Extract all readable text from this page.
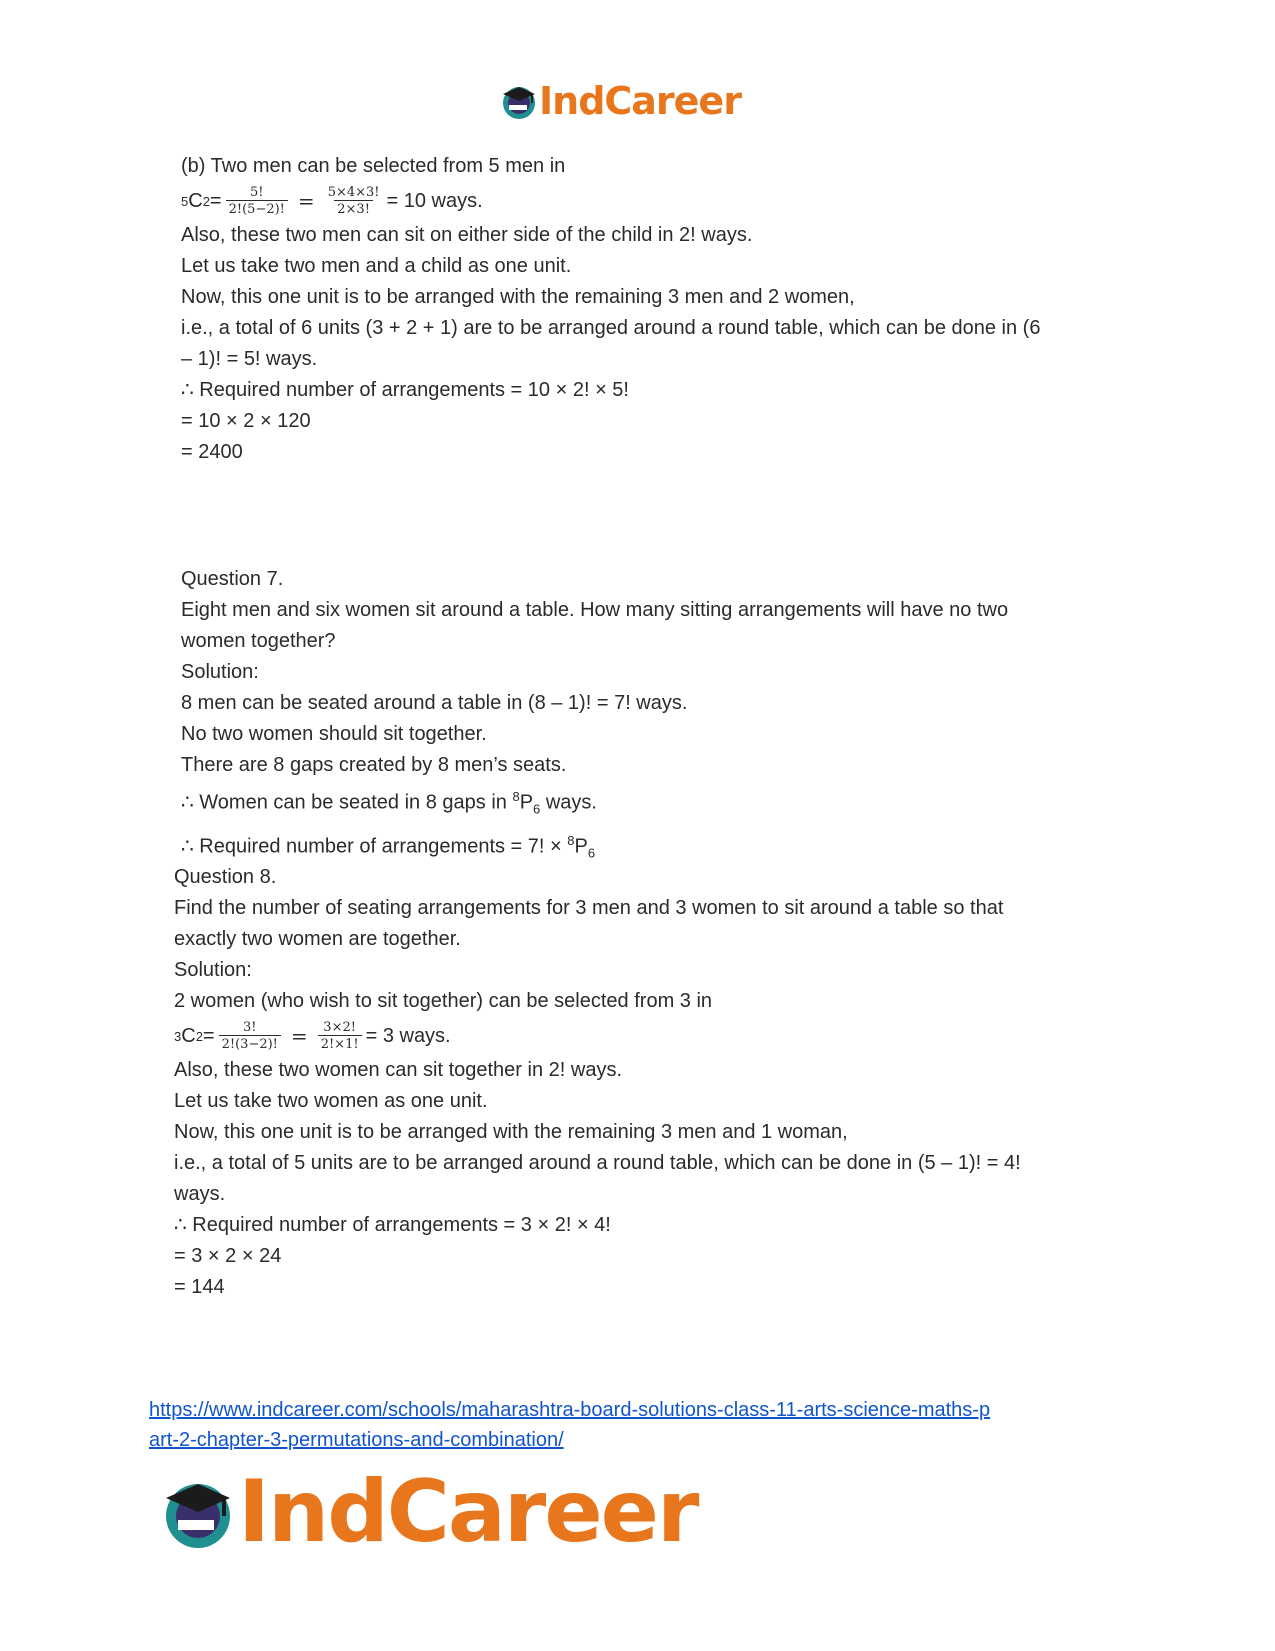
IndCareer

(b) Two men can be selected from 5 men in

5 C $2 = \frac{5!}{2!(5-2)!} = \frac{5\times 4\times 3!}{2\times 3!} = 10$ ways.

Also, these two men can sit on either side of the child in 2! ways.

Let us take two men and a child as one unit.

Now, this one unit is to be arranged with the remaining 3 men and 2 women,

i.e., a total of 6 units (3 + 2 + 1) are to be arranged around a round table, which can be done in (6

– 1)! = 5! ways.

∴ Required number of arrangements = 10 × 2! × 5!

= 10 × 2 × 120

= 2400

Question 7.

Eight men and six women sit around a table. How many sitting arrangements will have no two

women together?

Solution:

8 men can be seated around a table in (8 – 1)! = 7! ways.

No two women should sit together.

There are 8 gaps created by 8 men’s seats.

∴ Women can be seated in 8 gaps in $^8P_6$ ways.

∴ Required number of arrangements = 7! × $^8P_6$

Question 8.

Find the number of seating arrangements for 3 men and 3 women to sit around a table so that

exactly two women are together.

Solution:

2 women (who wish to sit together) can be selected from 3 in

3 C $2 = \frac{3!}{2!(3-2)!} = \frac{3\times 2!}{2!\times 1!} = 3$ ways.

Also, these two women can sit together in 2! ways.

Let us take two women as one unit.

Now, this one unit is to be arranged with the remaining 3 men and 1 woman,

i.e., a total of 5 units are to be arranged around a round table, which can be done in (5 – 1)! = 4!

ways.

∴ Required number of arrangements = 3 × 2! × 4!

= 3 × 2 × 24

= 144

https://www.indcareer.com/schools/maharashtra-board-solutions-class-11-arts-science-maths-p

art-2-chapter-3-permutations-and-combination/

IndCareer
